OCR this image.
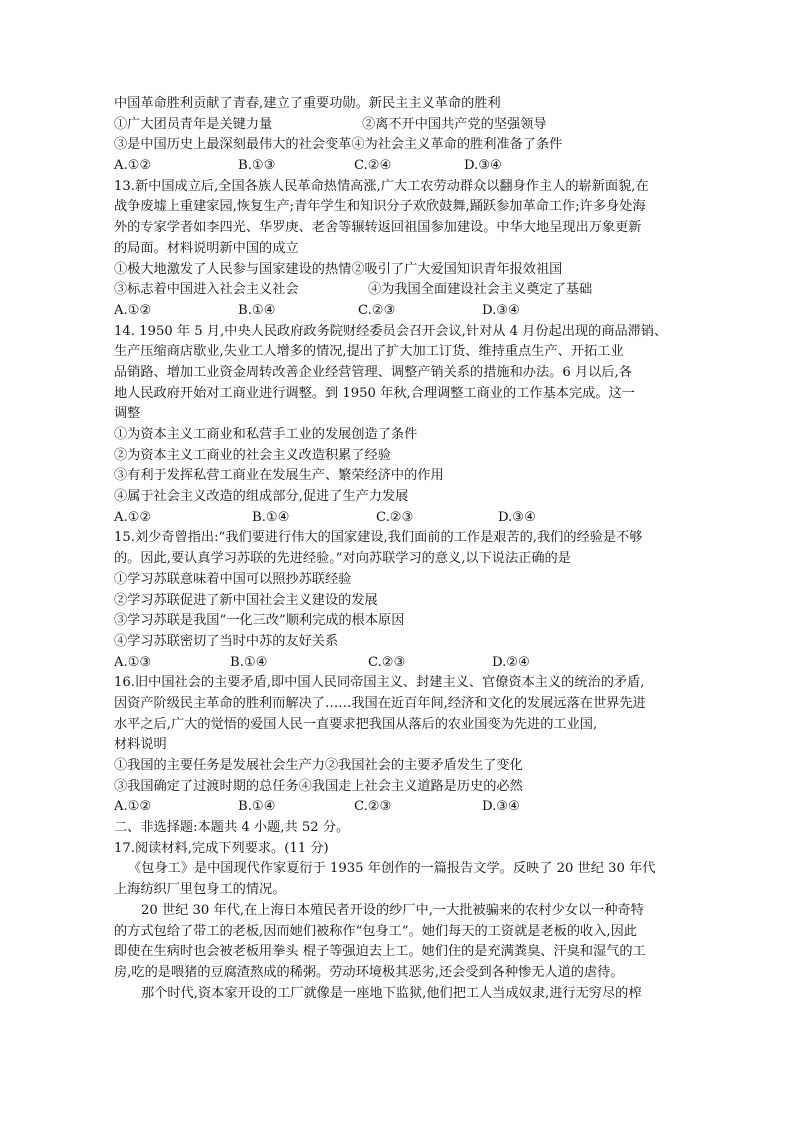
中国革命胜利贡献了青春,建立了重要功勋。新民主主义革命的胜利
①广大团员青年是关键力量	②离不开中国共产党的坚强领导
③是中国历史上最深刻最伟大的社会变革④为社会主义革命的胜利准备了条件
A.①②	B.①③	C.②④	D.③④
13.新中国成立后,全国各族人民革命热情高涨,广大工农劳动群众以翻身作主人的崭新面貌,在
战争废墟上重建家园,恢复生产;青年学生和知识分子欢欣鼓舞,踊跃参加革命工作;许多身处海
外的专家学者如李四光、华罗庚、老舍等辗转返回祖国参加建设。中华大地呈现出万象更新
的局面。材料说明新中国的成立
①极大地激发了人民参与国家建设的热情②吸引了广大爱国知识青年报效祖国
③标志着中国进入社会主义社会	④为我国全面建设社会主义奠定了基础
A.①②	B.①④	C.②③	D.③④
14. 1950 年 5 月,中央人民政府政务院财经委员会召开会议,针对从 4 月份起出现的商品滞销、
生产压缩商店歇业,失业工人增多的情况,提出了扩大加工订货、维持重点生产、开拓工业
品销路、增加工业资金周转改善企业经营管理、调整产销关系的措施和办法。6 月以后,各
地人民政府开始对工商业进行调整。到 1950 年秋,合理调整工商业的工作基本完成。这一
调整
①为资本主义工商业和私营手工业的发展创造了条件
②为资本主义工商业的社会主义改造积累了经验
③有利于发挥私营工商业在发展生产、繁荣经济中的作用
④属于社会主义改造的组成部分,促进了生产力发展
A.①②	B.①④	C.②③	D.③④
15.刘少奇曾指出:“我们要进行伟大的国家建设,我们面前的工作是艰苦的,我们的经验是不够
的。因此,要认真学习苏联的先进经验。”对向苏联学习的意义,以下说法正确的是
①学习苏联意味着中国可以照抄苏联经验
②学习苏联促进了新中国社会主义建设的发展
③学习苏联是我国“一化三改”顺利完成的根本原因
④学习苏联密切了当时中苏的友好关系
A.①③	B.①④	C.②③	D.②④
16.旧中国社会的主要矛盾,即中国人民同帝国主义、封建主义、官僚资本主义的统治的矛盾,
因资产阶级民主革命的胜利而解决了……我国在近百年间,经济和文化的发展远落在世界先进
水平之后,广大的觉悟的爱国人民一直要求把我国从落后的农业国变为先进的工业国,
材料说明
①我国的主要任务是发展社会生产力②我国社会的主要矛盾发生了变化
③我国确定了过渡时期的总任务④我国走上社会主义道路是历史的必然
A.①②	B.①④	C.②③	D.③④
二、非选择题:本题共 4 小题,共 52 分。
17.阅读材料,完成下列要求。(11 分)
《包身工》是中国现代作家夏衍于 1935 年创作的一篇报告文学。反映了 20 世纪 30 年代
上海纺织厂里包身工的情况。
20 世纪 30 年代,在上海日本殖民者开设的纱厂中,一大批被骗来的农村少女以一种奇特
的方式包给了带工的老板,因而她们被称作“包身工”。她们每天的工资就是老板的收入,因此
即使在生病时也会被老板用拳头 棍子等强迫去上工。她们住的是充满粪臭、汗臭和湿气的工
房,吃的是喂猪的豆腐渣熬成的稀粥。劳动环境极其恶劣,还会受到各种惨无人道的虐待。
那个时代,资本家开设的工厂就像是一座地下监狱,他们把工人当成奴隶,进行无穷尽的榨
